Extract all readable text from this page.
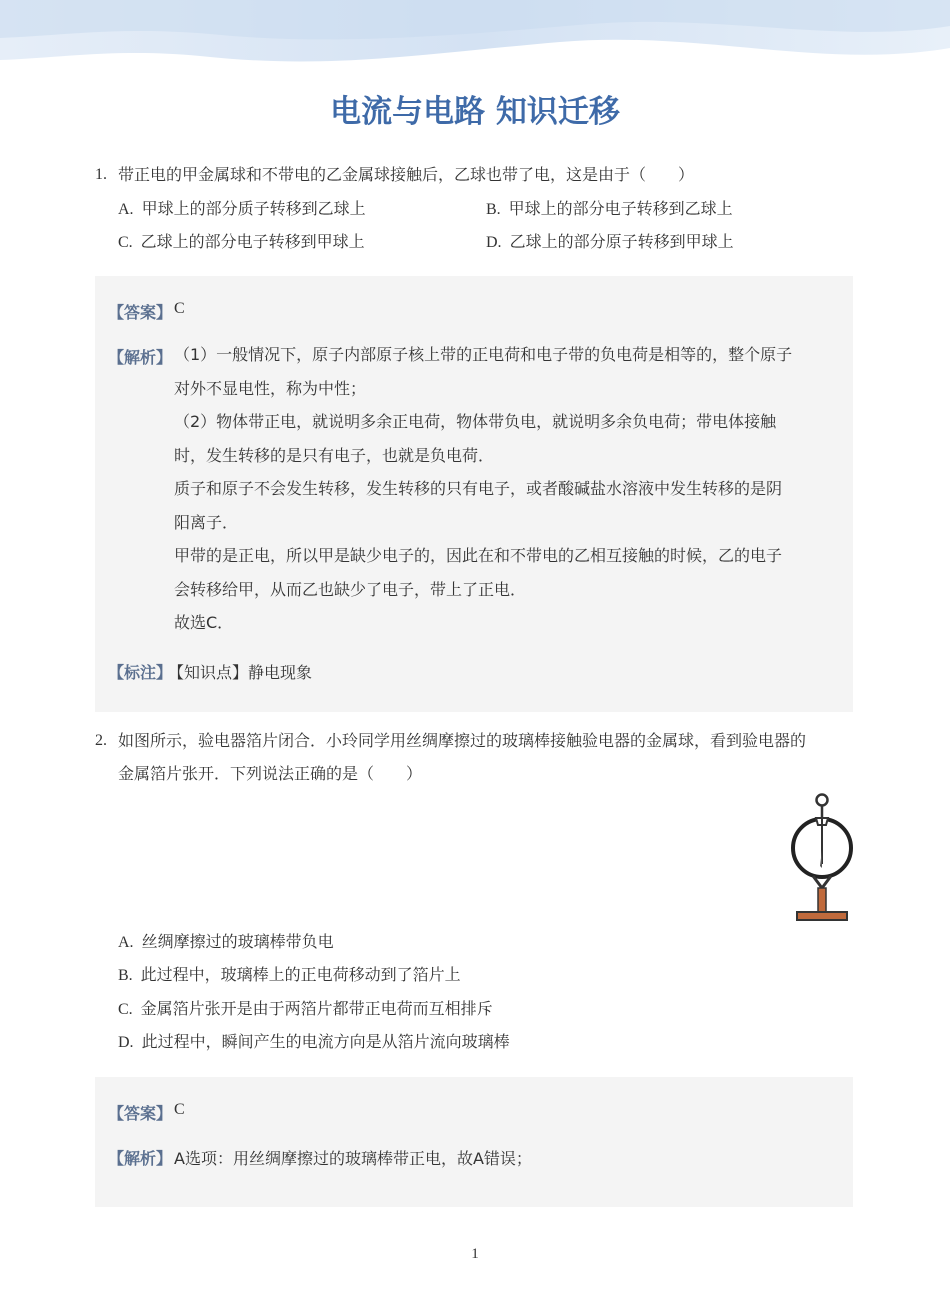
电流与电路 知识迁移
1. 带正电的甲金属球和不带电的乙金属球接触后，乙球也带了电，这是由于（　　）
A. 甲球上的部分质子转移到乙球上	B. 甲球上的部分电子转移到乙球上
C. 乙球上的部分电子转移到甲球上	D. 乙球上的部分原子转移到甲球上
【答案】 C
【解析】 （1）一般情况下，原子内部原子核上带的正电荷和电子带的负电荷是相等的，整个原子
对外不显电性，称为中性；
（2）物体带正电，就说明多余正电荷，物体带负电，就说明多余负电荷；带电体接触
时，发生转移的是只有电子，也就是负电荷．
质子和原子不会发生转移，发生转移的只有电子，或者酸碱盐水溶液中发生转移的是阴
阳离子．
甲带的是正电，所以甲是缺少电子的，因此在和不带电的乙相互接触的时候，乙的电子
会转移给甲，从而乙也缺少了电子，带上了正电．
故选C．
【标注】
【知识点】静电现象
2. 如图所示，验电器箔片闭合．小玲同学用丝绸摩擦过的玻璃棒接触验电器的金属球，看到验电器的
金属箔片张开．下列说法正确的是（　　）
A. 丝绸摩擦过的玻璃棒带负电
B. 此过程中，玻璃棒上的正电荷移动到了箔片上
C. 金属箔片张开是由于两箔片都带正电荷而互相排斥
D. 此过程中，瞬间产生的电流方向是从箔片流向玻璃棒
【答案】 C
【解析】 A选项：用丝绸摩擦过的玻璃棒带正电，故A错误；
1
